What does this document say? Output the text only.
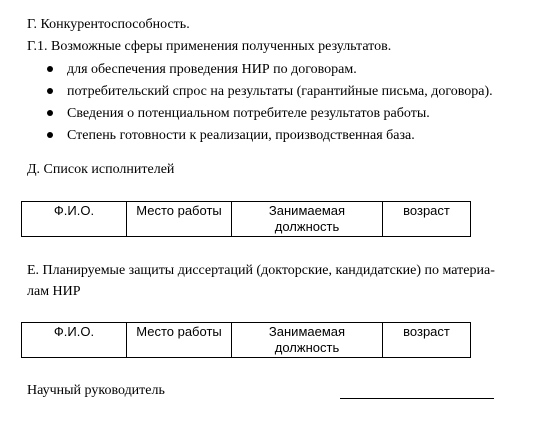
Г. Конкурентоспособность.
Г.1. Возможные сферы применения полученных результатов.
для обеспечения проведения НИР по договорам.
потребительский спрос на результаты (гарантийные письма, договора).
Сведения о потенциальном потребителе результатов работы.
Степень готовности к реализации, производственная база.
Д. Список исполнителей
Ф.И.О.	Место работы	Занимаемая должность	возраст
Е. Планируемые защиты диссертаций (докторские, кандидатские) по материа-
лам НИР
Ф.И.О.	Место работы	Занимаемая должность	возраст
Научный руководитель
